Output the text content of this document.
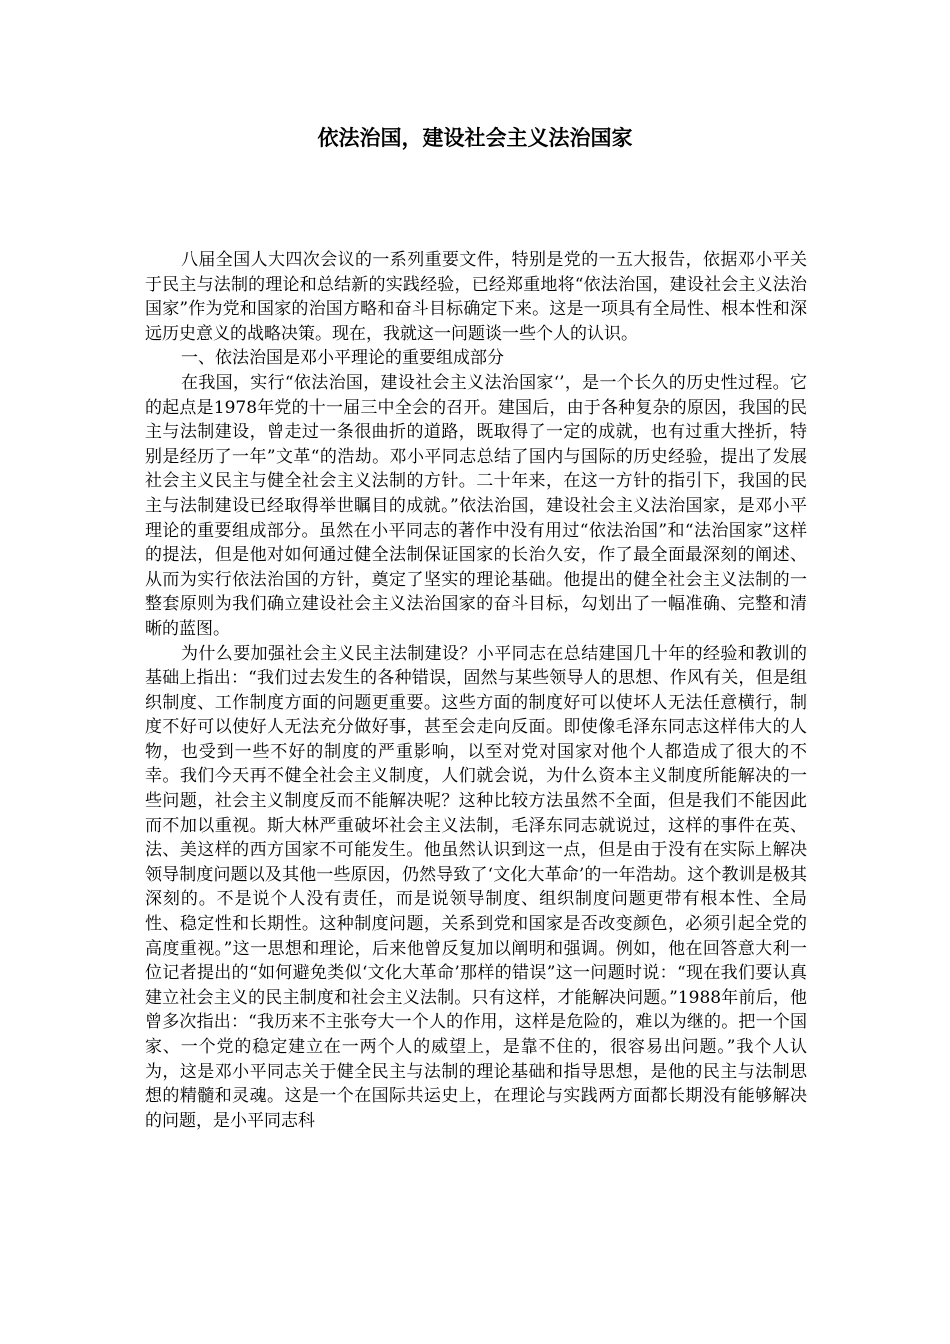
依法治国，建设社会主义法治国家

八届全国人大四次会议的一系列重要文件，特别是党的一五大报告，依据邓小平关于民主与法制的理论和总结新的实践经验，已经郑重地将“依法治国，建设社会主义法治国家”作为党和国家的治国方略和奋斗目标确定下来。这是一项具有全局性、根本性和深远历史意义的战略决策。现在，我就这一问题谈一些个人的认识。

一、依法治国是邓小平理论的重要组成部分

在我国，实行“依法治国，建设社会主义法治国家‘’，是一个长久的历史性过程。它的起点是1978年党的十一届三中全会的召开。建国后，由于各种复杂的原因，我国的民主与法制建设，曾走过一条很曲折的道路，既取得了一定的成就，也有过重大挫折，特别是经历了一年”文革“的浩劫。邓小平同志总结了国内与国际的历史经验，提出了发展社会主义民主与健全社会主义法制的方针。二十年来，在这一方针的指引下，我国的民主与法制建设已经取得举世瞩目的成就。”依法治国，建设社会主义法治国家，是邓小平理论的重要组成部分。虽然在小平同志的著作中没有用过“依法治国”和“法治国家”这样的提法，但是他对如何通过健全法制保证国家的长治久安，作了最全面最深刻的阐述、从而为实行依法治国的方针，奠定了坚实的理论基础。他提出的健全社会主义法制的一整套原则为我们确立建设社会主义法治国家的奋斗目标，勾划出了一幅准确、完整和清晰的蓝图。

为什么要加强社会主义民主法制建设？小平同志在总结建国几十年的经验和教训的基础上指出：“我们过去发生的各种错误，固然与某些领导人的思想、作风有关，但是组织制度、工作制度方面的问题更重要。这些方面的制度好可以使坏人无法任意横行，制度不好可以使好人无法充分做好事，甚至会走向反面。即使像毛泽东同志这样伟大的人物，也受到一些不好的制度的严重影响，以至对党对国家对他个人都造成了很大的不幸。我们今天再不健全社会主义制度，人们就会说，为什么资本主义制度所能解决的一些问题，社会主义制度反而不能解决呢？这种比较方法虽然不全面，但是我们不能因此而不加以重视。斯大林严重破坏社会主义法制，毛泽东同志就说过，这样的事件在英、法、美这样的西方国家不可能发生。他虽然认识到这一点，但是由于没有在实际上解决领导制度问题以及其他一些原因，仍然导致了‘文化大革命’的一年浩劫。这个教训是极其深刻的。不是说个人没有责任，而是说领导制度、组织制度问题更带有根本性、全局性、稳定性和长期性。这种制度问题，关系到党和国家是否改变颜色，必须引起全党的高度重视。”这一思想和理论，后来他曾反复加以阐明和强调。例如，他在回答意大利一位记者提出的“如何避免类似‘文化大革命’那样的错误”这一问题时说：“现在我们要认真建立社会主义的民主制度和社会主义法制。只有这样，才能解决问题。”1988年前后，他曾多次指出：“我历来不主张夸大一个人的作用，这样是危险的，难以为继的。把一个国家、一个党的稳定建立在一两个人的威望上，是靠不住的，很容易出问题。”我个人认为，这是邓小平同志关于健全民主与法制的理论基础和指导思想，是他的民主与法制思想的精髓和灵魂。这是一个在国际共运史上，在理论与实践两方面都长期没有能够解决的问题，是小平同志科
